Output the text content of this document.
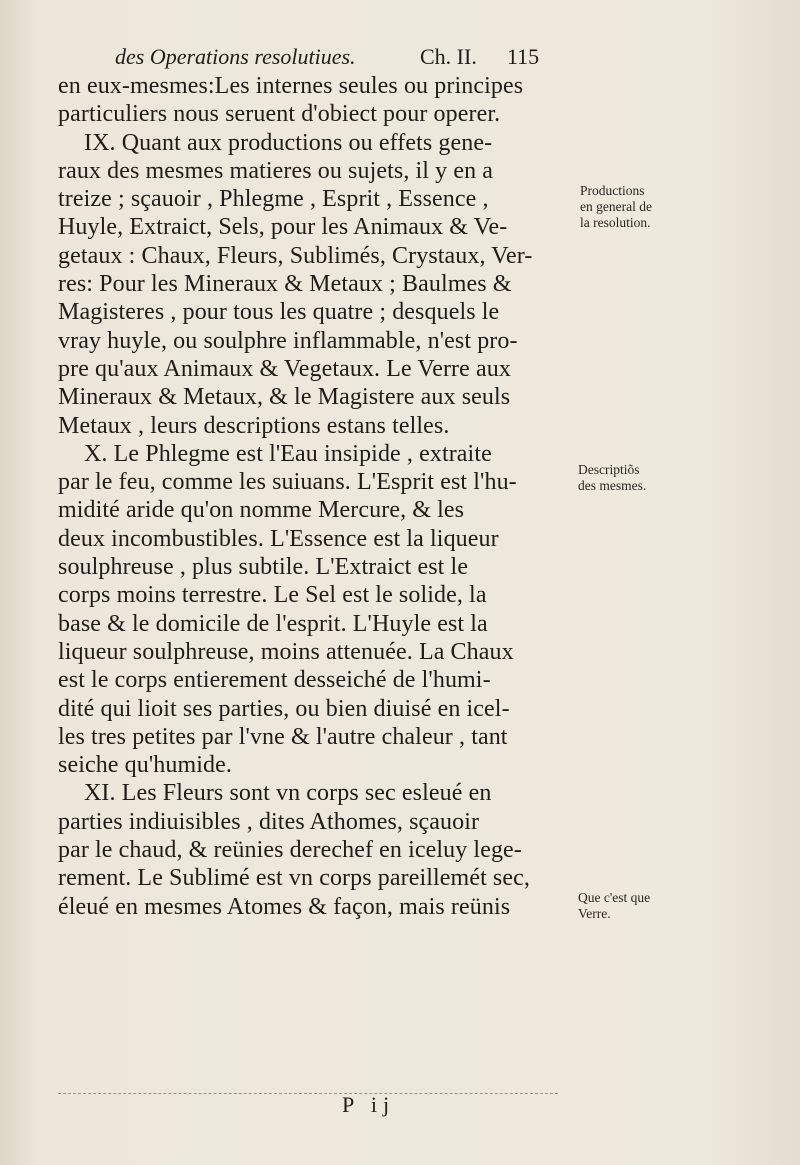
des Operations resolutiues.	Ch. II. 115
en eux-mesmes:Les internes seules ou principes
particuliers nous seruent d'obiect pour operer.
IX. Quant aux productions ou effets gene-
raux des mesmes matieres ou sujets, il y en a
treize ; sçauoir , Phlegme , Esprit , Essence ,
Huyle, Extraict, Sels, pour les Animaux & Ve-
getaux : Chaux, Fleurs, Sublimés, Crystaux, Ver-
res: Pour les Mineraux & Metaux ; Baulmes &
Magisteres , pour tous les quatre ; desquels le
vray huyle, ou soulphre inflammable, n'est pro-
pre qu'aux Animaux & Vegetaux. Le Verre aux
Mineraux & Metaux, & le Magistere aux seuls
Metaux , leurs descriptions estans telles.
X. Le Phlegme est l'Eau insipide , extraite
par le feu, comme les suiuans. L'Esprit est l'hu-
midité aride qu'on nomme Mercure, & les
deux incombustibles. L'Essence est la liqueur
soulphreuse , plus subtile. L'Extraict est le
corps moins terrestre. Le Sel est le solide, la
base & le domicile de l'esprit. L'Huyle est la
liqueur soulphreuse, moins attenuée. La Chaux
est le corps entierement desseiché de l'humi-
dité qui lioit ses parties, ou bien diuisé en icel-
les tres petites par l'vne & l'autre chaleur , tant
seiche qu'humide.
XI. Les Fleurs sont vn corps sec esleué en
parties indiuisibles , dites Athomes, sçauoir
par le chaud, & reünies derechef en iceluy lege-
rement. Le Sublimé est vn corps pareillemét sec,
éleué en mesmes Atomes & façon, mais reünis
Productions
en general de
la resolution.
Descriptiõs
des mesmes.
Que c'est que
Verre.
P ij
